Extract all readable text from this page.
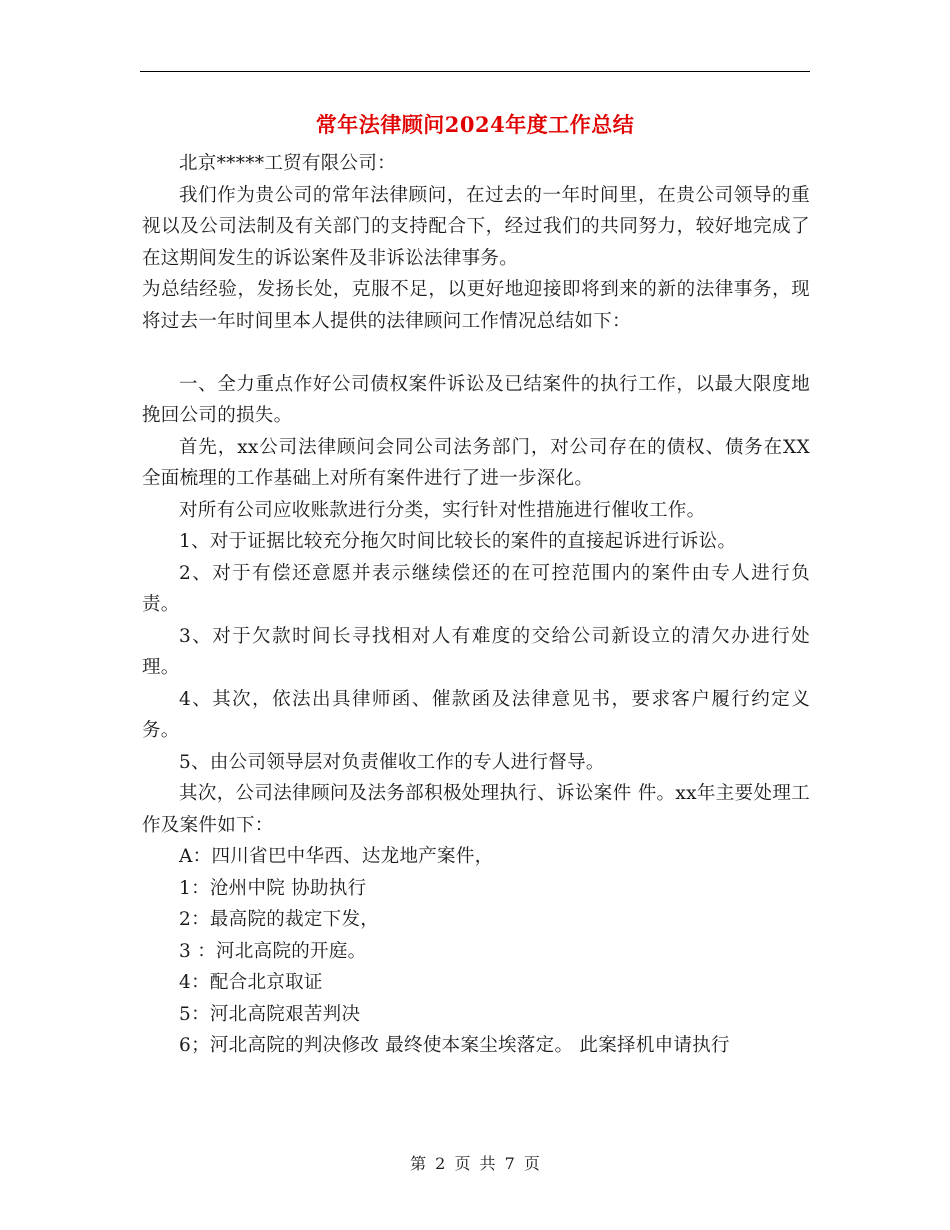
常年法律顾问2024年度工作总结

北京*****工贸有限公司：

我们作为贵公司的常年法律顾问，在过去的一年时间里，在贵公司领导的重视以及公司法制及有关部门的支持配合下，经过我们的共同努力，较好地完成了在这期间发生的诉讼案件及非诉讼法律事务。

为总结经验，发扬长处，克服不足，以更好地迎接即将到来的新的法律事务，现将过去一年时间里本人提供的法律顾问工作情况总结如下：

一、全力重点作好公司债权案件诉讼及已结案件的执行工作，以最大限度地挽回公司的损失。

首先，xx公司法律顾问会同公司法务部门，对公司存在的债权、债务在XX全面梳理的工作基础上对所有案件进行了进一步深化。

对所有公司应收账款进行分类，实行针对性措施进行催收工作。

1、对于证据比较充分拖欠时间比较长的案件的直接起诉进行诉讼。

2、对于有偿还意愿并表示继续偿还的在可控范围内的案件由专人进行负责。

3、对于欠款时间长寻找相对人有难度的交给公司新设立的清欠办进行处理。

4、其次，依法出具律师函、催款函及法律意见书，要求客户履行约定义务。

5、由公司领导层对负责催收工作的专人进行督导。

其次，公司法律顾问及法务部积极处理执行、诉讼案件 件。xx年主要处理工作及案件如下：

A：四川省巴中华西、达龙地产案件，

1：沧州中院 协助执行

2：最高院的裁定下发，

3 ：河北高院的开庭。

4：配合北京取证

5：河北高院艰苦判决

6；河北高院的判决修改 最终使本案尘埃落定。 此案择机申请执行

第 2 页 共 7 页
